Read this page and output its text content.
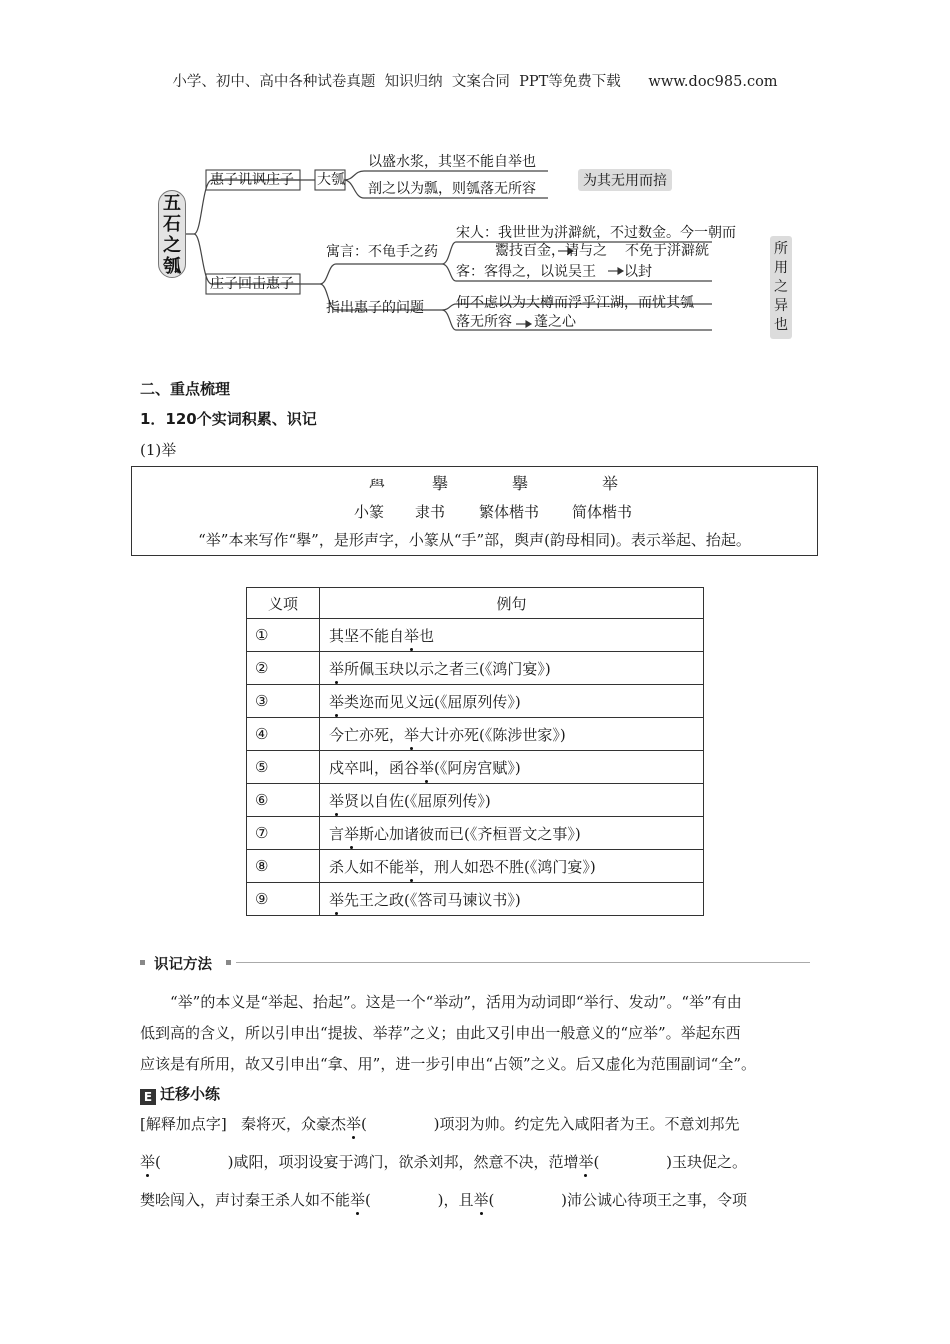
小学、初中、高中各种试卷真题  知识归纳  文案合同  PPT等免费下载      www.doc985.com
五
石
之
瓠
惠子讥讽庄子 大瓠
以盛水浆，其坚不能自举也
剖之以为瓢，则瓠落无所容	为其无用而掊
庄子回击惠子
寓言：不龟手之药
宋人：我世世为洴澼絖，不过数金。今一朝而
鬻技百金，请与之 不免于洴澼絖
客：客得之，以说吴王 以封
指出惠子的问题 何不虑以为大樽而浮乎江湖，而忧其瓠
落无所容 蓬之心
所
用
之
异
也
二、重点梳理
1．120个实词积累、识记
(1)举
𦥯	擧	擧	举
小篆 隶书 繁体楷书 简体楷书
“举”本来写作“擧”，是形声字，小篆从“手”部，舆声(韵母相同)。表示举起、抬起。
义项	例句
①	其坚不能自举也
②	举所佩玉玦以示之者三(《鸿门宴》)
③	举类迩而见义远(《屈原列传》)
④	今亡亦死，举大计亦死(《陈涉世家》)
⑤	戍卒叫，函谷举(《阿房宫赋》)
⑥	举贤以自佐(《屈原列传》)
⑦	言举斯心加诸彼而已(《齐桓晋文之事》)
⑧	杀人如不能举，刑人如恐不胜(《鸿门宴》)
⑨	举先王之政(《答司马谏议书》)
识记方法

“举”的本义是“举起、抬起”。这是一个“举动”，活用为动词即“举行、发动”。“举”有由

低到高的含义，所以引申出“提拔、举荐”之义；由此又引申出一般意义的“应举”。举起东西

应该是有所用，故又引申出“拿、用”，进一步引申出“占领”之义。后又虚化为范围副词“全”。

E 迁移小练

[解释加点字]   秦将灭，众豪杰举(              )项羽为帅。约定先入咸阳者为王。不意刘邦先

举(              )咸阳，项羽设宴于鸿门，欲杀刘邦，然意不决，范增举(              )玉玦促之。

樊哙闯入，声讨秦王杀人如不能举(              )，且举(              )沛公诚心待项王之事，令项
